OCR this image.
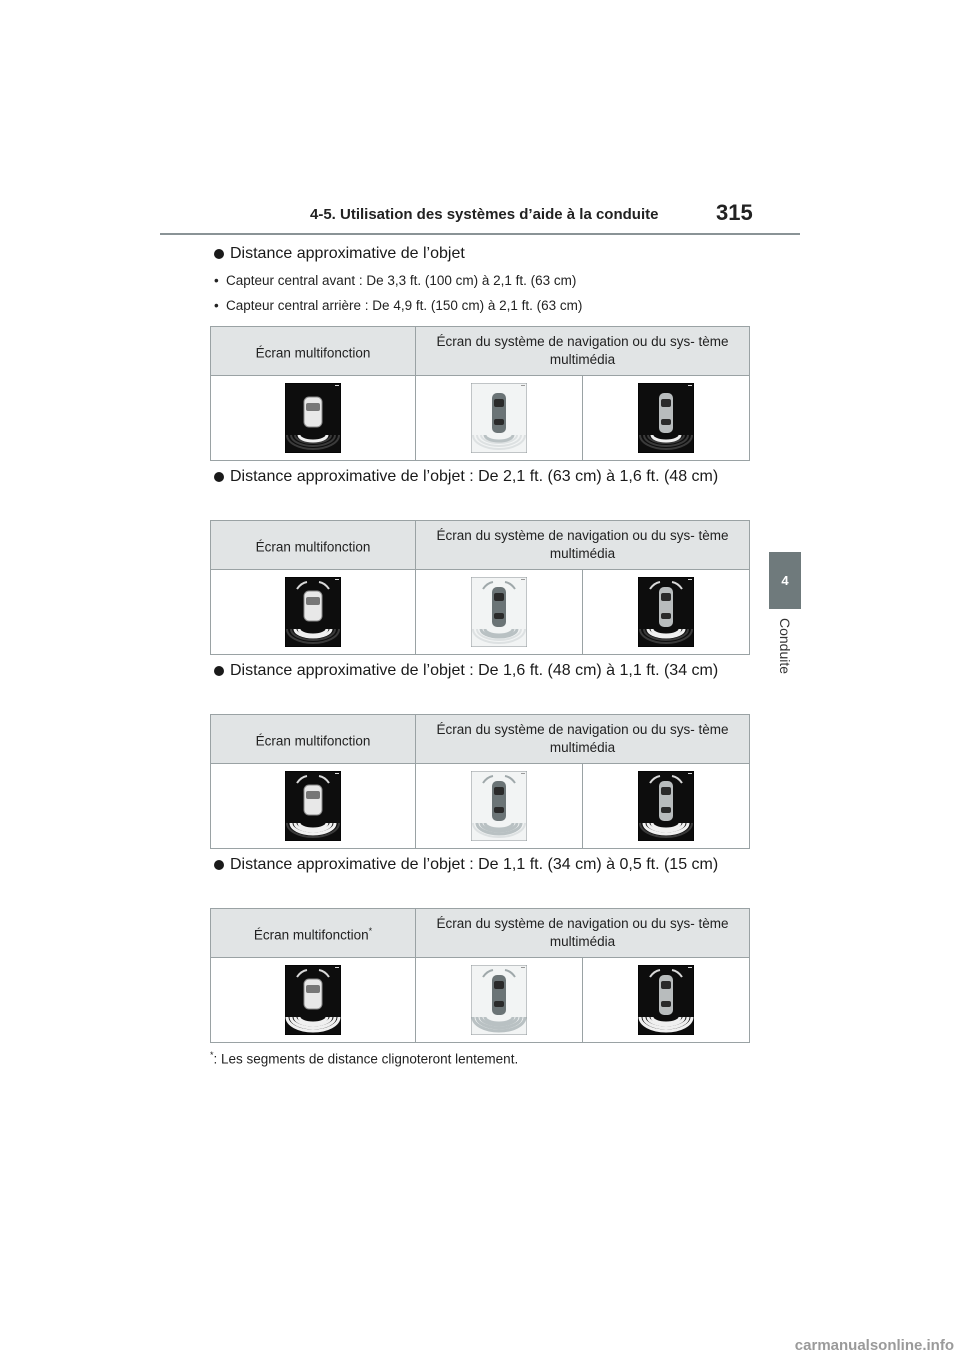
4-5. Utilisation des systèmes d’aide à la conduite	315
4
Conduite
Distance approximative de l’objet
• Capteur central avant : De 3,3 ft. (100 cm) à 2,1 ft. (63 cm)
• Capteur central arrière : De 4,9 ft. (150 cm) à 2,1 ft. (63 cm)
Écran multifonction	Écran du système de navigation ou du sys- tème multimédia	

Distance approximative de l’objet : De 2,1 ft. (63 cm) à 1,6 ft. (48 cm)
Écran multifonction	Écran du système de navigation ou du sys- tème multimédia	

Distance approximative de l’objet : De 1,6 ft. (48 cm) à 1,1 ft. (34 cm)
Écran multifonction	Écran du système de navigation ou du sys- tème multimédia	

Distance approximative de l’objet : De 1,1 ft. (34 cm) à 0,5 ft. (15 cm)
Écran multifonction*	Écran du système de navigation ou du sys- tème multimédia	

*: Les segments de distance clignoteront lentement.
carmanualsonline.info
